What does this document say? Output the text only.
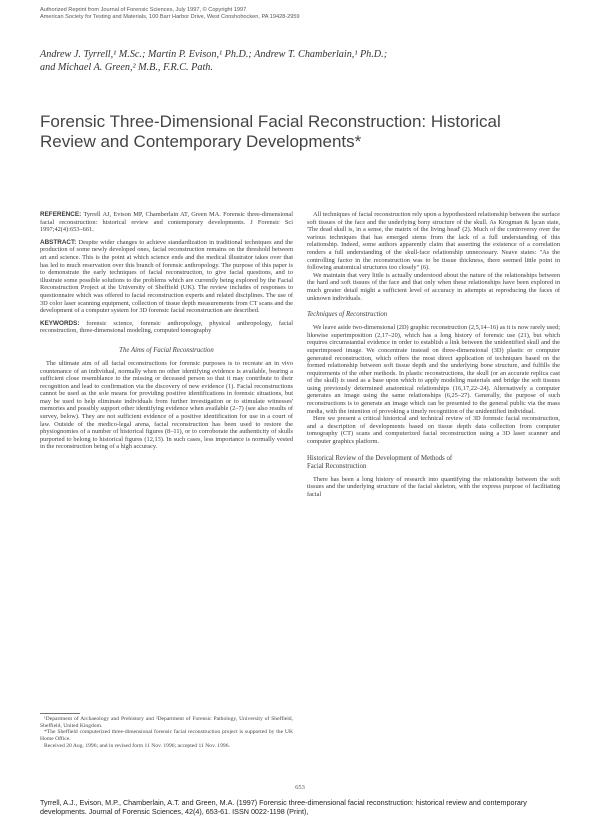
Authorized Reprint from Journal of Forensic Sciences, July 1997, © Copyright 1997
American Society for Testing and Materials, 100 Barr Harbor Drive, West Conshohocken, PA 19428-2959
Andrew J. Tyrrell,¹ M.Sc.; Martin P. Evison,¹ Ph.D.; Andrew T. Chamberlain,¹ Ph.D.;
and Michael A. Green,² M.B., F.R.C. Path.
Forensic Three-Dimensional Facial Reconstruction: Historical
Review and Contemporary Developments*

REFERENCE: Tyrrell AJ, Evison MP, Chamberlain AT, Green MA. Forensic three-dimensional facial reconstruction: historical review and contemporary developments. J Forensic Sci 1997;42(4):653–661.

ABSTRACT: Despite wider changes to achieve standardization in traditional techniques and the production of some newly developed ones, facial reconstruction remains on the threshold between art and science. This is the point at which science ends and the medical illustrator takes over that has led to much reservation over this branch of forensic anthropology. The purpose of this paper is to demonstrate the early techniques of facial reconstruction, to give facial questions, and to illustrate some possible solutions to the problems which are currently being explored by the Facial Reconstruction Project at the University of Sheffield (UK). The review includes of responses to questionnaire which was offered to facial reconstruction experts and related disciplines. The use of 3D color laser scanning equipment, collection of tissue depth measurements from CT scans and the development of a computer system for 3D forensic facial reconstruction are described.

KEYWORDS: forensic science, forensic anthropology, physical anthropology, facial reconstruction, three-dimensional modeling, computed tomography

The Aims of Facial Reconstruction

The ultimate aim of all facial reconstructions for forensic purposes is to recreate an in vivo countenance of an individual, normally when no other identifying evidence is available, bearing a sufficient close resemblance to the missing or deceased person so that it may contribute to their recognition and lead to confirmation via the discovery of new evidence (1). Facial reconstructions cannot be used as the sole means for providing positive identifications in forensic situations, but may be used to help eliminate individuals from further investigation or to stimulate witnesses' memories and possibly support other identifying evidence when available (2–7) (see also results of survey, below). They are not sufficient evidence of a positive identification for use in a court of law. Outside of the medico-legal arena, facial reconstruction has been used to restore the physiognomies of a number of historical figures (8–11), or to corroborate the authenticity of skulls purported to belong to historical figures (12,13). In such cases, less importance is normally vested in the reconstruction being of a high accuracy.

¹Department of Archaeology and Prehistory and ²Department of Forensic Pathology, University of Sheffield, Sheffield, United Kingdom.

*The Sheffield computerized three-dimensional forensic facial reconstruction project is supported by the UK Home Office.

Received 20 Aug. 1996; and in revised form 11 Nov. 1996; accepted 11 Nov. 1996.

All techniques of facial reconstruction rely upon a hypothesized relationship between the surface soft tissues of the face and the underlying bony structure of the skull. As Krogman & İşcan state, 'The dead skull is, in a sense, the matrix of the living head' (2). Much of the controversy over the various techniques that has emerged stems from the lack of a full understanding of this relationship. Indeed, some authors apparently claim that asserting the existence of a correlation renders a full understanding of the skull-face relationship unnecessary. Neave states: "As the controlling factor in the reconstruction was to be tissue thickness, there seemed little point in following anatomical structures too closely" (6).

We maintain that very little is actually understood about the nature of the relationships between the hard and soft tissues of the face and that only when these relationships have been explored in much greater detail might a sufficient level of accuracy in attempts at reproducing the faces of unknown individuals.

Techniques of Reconstruction

We leave aside two-dimensional (2D) graphic reconstruction (2,5,14–16) as it is now rarely used; likewise superimposition (2,17–20), which has a long history of forensic use (21), but which requires circumstantial evidence in order to establish a link between the unidentified skull and the superimposed image. We concentrate instead on three-dimensional (3D) plastic or computer generated reconstruction, which offers the most direct application of techniques based on the formed relationship between soft tissue depth and the underlying bone structure, and fulfills the requirements of the other methods. In plastic reconstructions, the skull (or an accurate replica cast of the skull) is used as a base upon which to apply modeling materials and bridge the soft tissues using previously determined anatomical relationships (16,17,22–24). Alternatively a computer generates an image using the same relationships (6,25–27). Generally, the purpose of such reconstructions is to generate an image which can be presented to the general public via the mass media, with the intention of provoking a timely recognition of the unidentified individual.

Here we present a critical historical and technical review of 3D forensic facial reconstruction, and a description of developments based on tissue depth data collection from computer tomography (CT) scans and computerized facial reconstruction using a 3D laser scanner and computer graphics platform.

Historical Review of the Development of Methods of
Facial Reconstruction

There has been a long history of research into quantifying the relationship between the soft tissues and the underlying structure of the facial skeleton, with the express purpose of facilitating facial

653
Tyrrell, A.J., Evison, M.P., Chamberlain, A.T. and Green, M.A. (1997) Forensic three-dimensional facial reconstruction: historical review and contemporary developments. Journal of Forensic Sciences, 42(4), 653-61. ISSN 0022-1198 (Print),
